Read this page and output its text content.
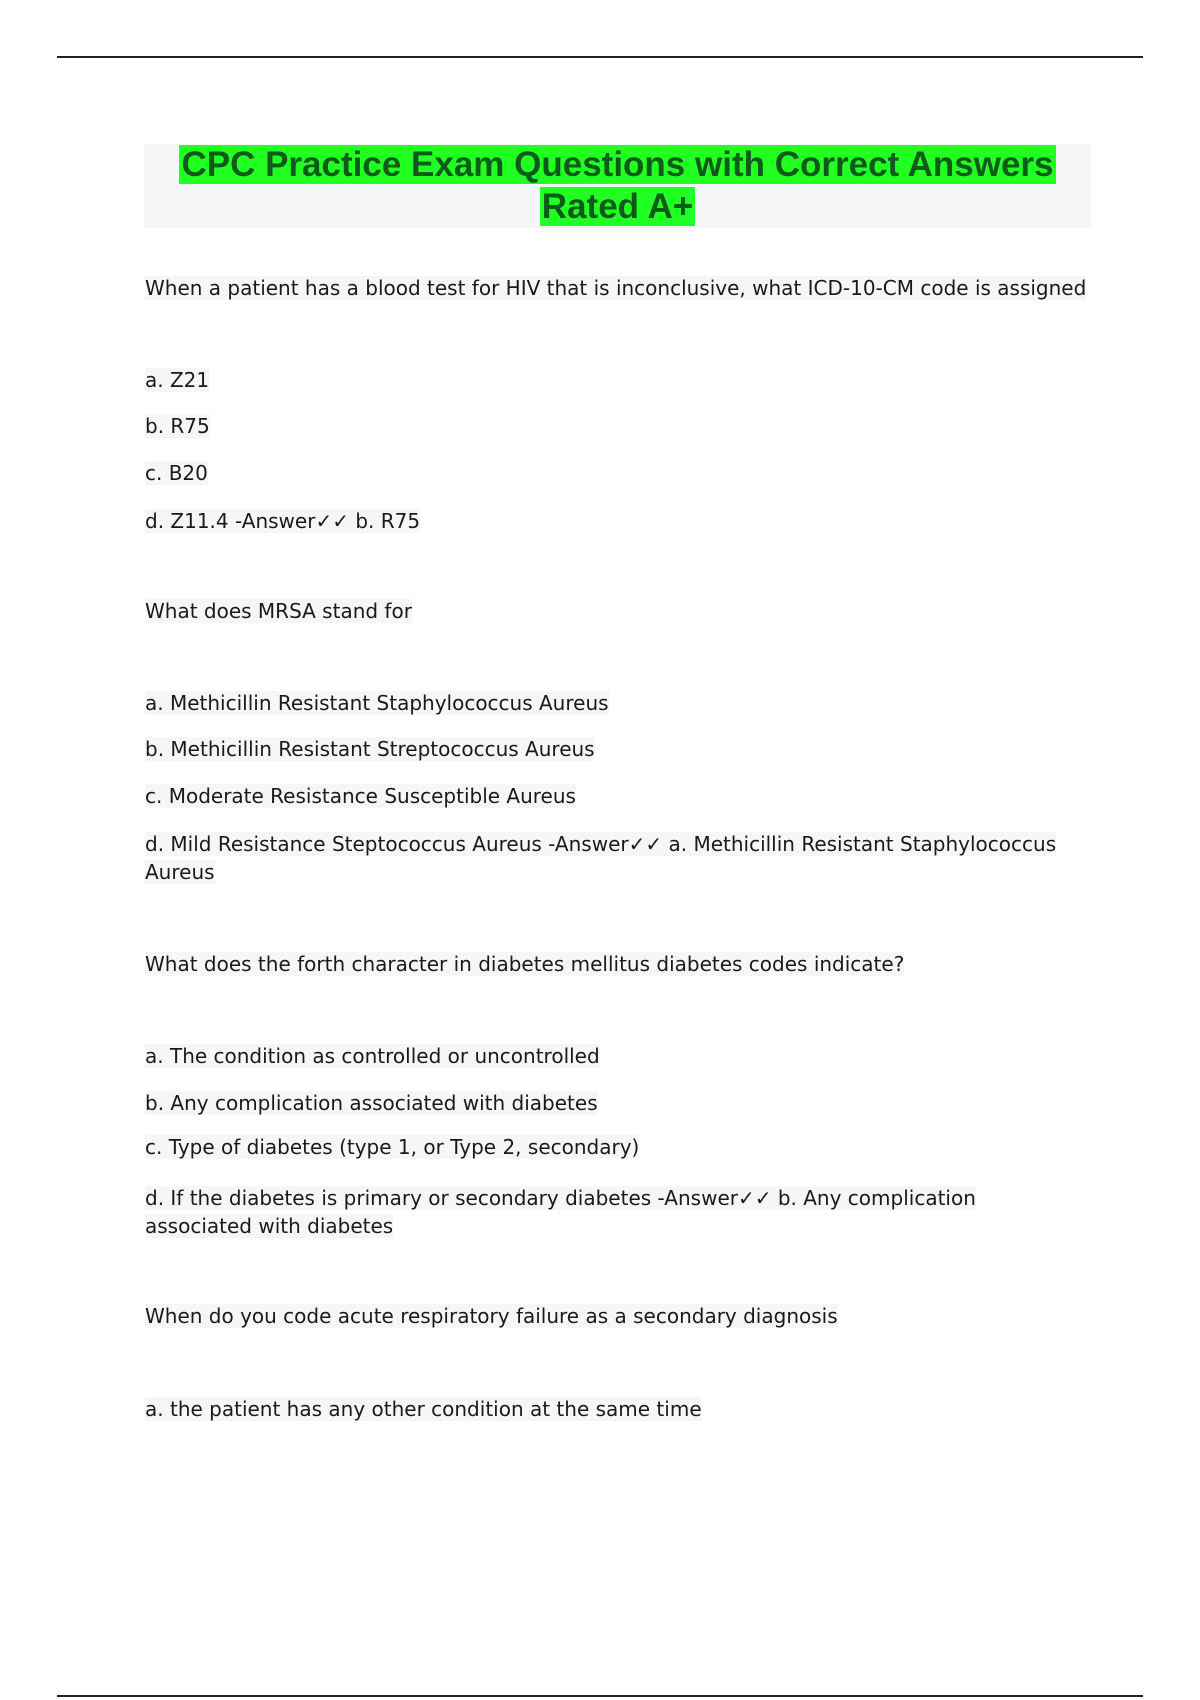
CPC Practice Exam Questions with Correct Answers
Rated A+

When a patient has a blood test for HIV that is inconclusive, what ICD-10-CM code is assigned

a. Z21

b. R75

c. B20

d. Z11.4 -Answer✓✓ b. R75

What does MRSA stand for

a. Methicillin Resistant Staphylococcus Aureus

b. Methicillin Resistant Streptococcus Aureus

c. Moderate Resistance Susceptible Aureus

d. Mild Resistance Steptococcus Aureus -Answer✓✓ a. Methicillin Resistant Staphylococcus Aureus

What does the forth character in diabetes mellitus diabetes codes indicate?

a. The condition as controlled or uncontrolled

b. Any complication associated with diabetes

c. Type of diabetes (type 1, or Type 2, secondary)

d. If the diabetes is primary or secondary diabetes -Answer✓✓ b. Any complication associated with diabetes

When do you code acute respiratory failure as a secondary diagnosis

a. the patient has any other condition at the same time
